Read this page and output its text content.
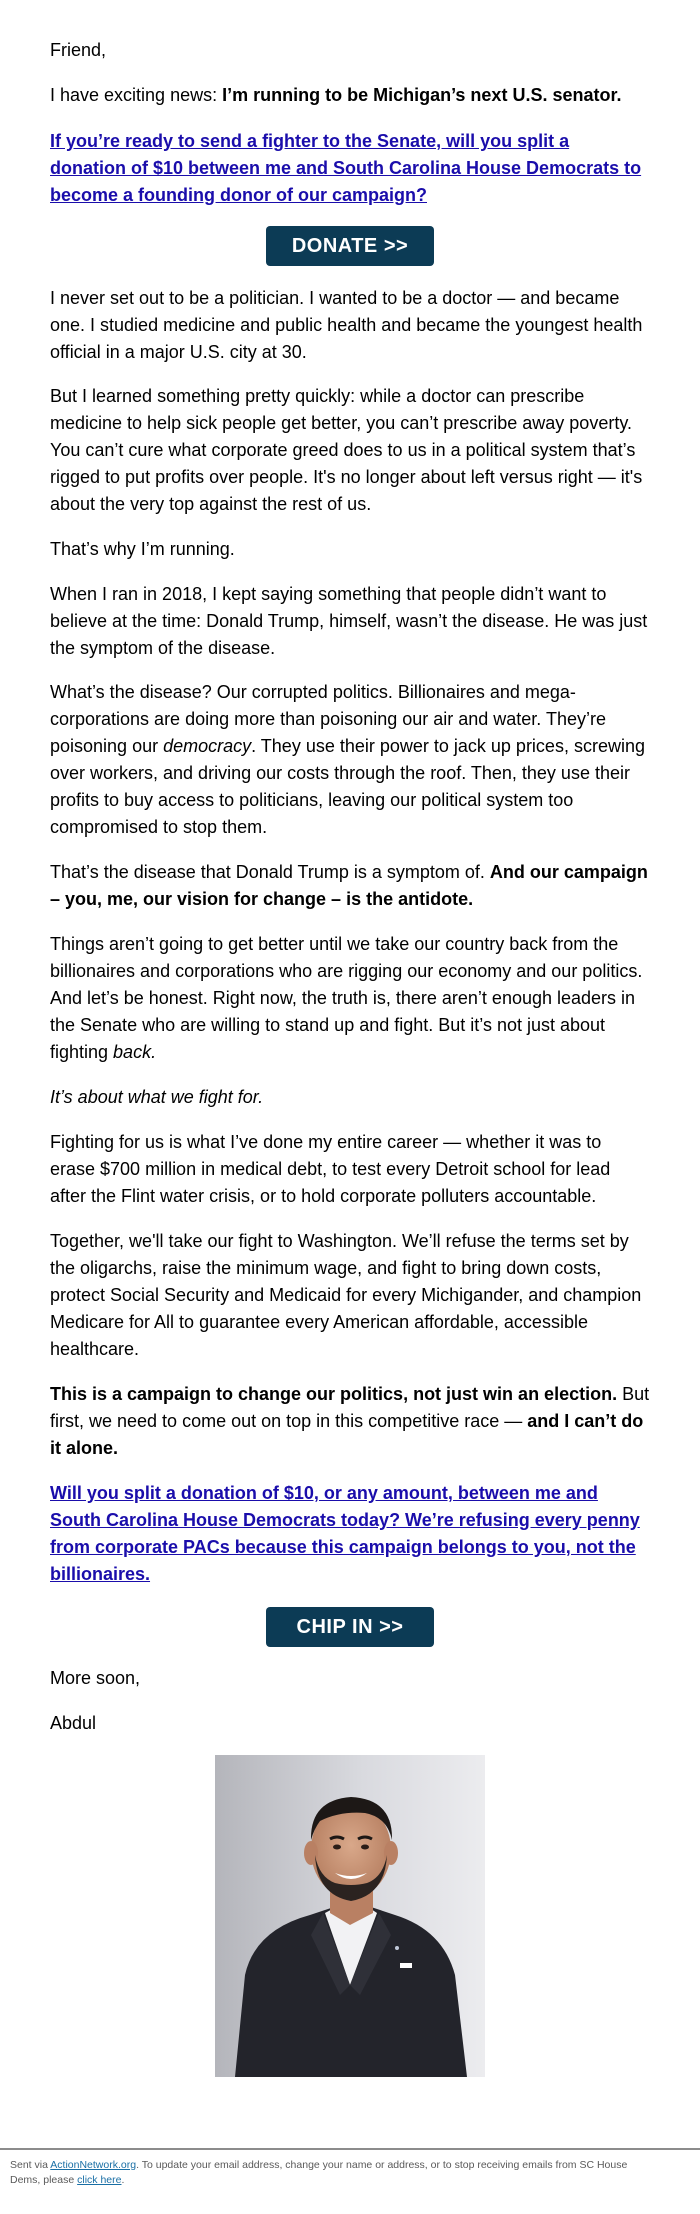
Friend,

I have exciting news: I’m running to be Michigan’s next U.S. senator.

If you’re ready to send a fighter to the Senate, will you split a donation of $10 between me and South Carolina House Democrats to become a founding donor of our campaign?

DONATE >>

I never set out to be a politician. I wanted to be a doctor — and became one. I studied medicine and public health and became the youngest health official in a major U.S. city at 30.

But I learned something pretty quickly: while a doctor can prescribe medicine to help sick people get better, you can’t prescribe away poverty. You can’t cure what corporate greed does to us in a political system that’s rigged to put profits over people. It's no longer about left versus right — it's about the very top against the rest of us.

That’s why I’m running.

When I ran in 2018, I kept saying something that people didn’t want to believe at the time: Donald Trump, himself, wasn’t the disease. He was just the symptom of the disease.

What’s the disease? Our corrupted politics. Billionaires and mega-corporations are doing more than poisoning our air and water. They’re poisoning our democracy. They use their power to jack up prices, screwing over workers, and driving our costs through the roof. Then, they use their profits to buy access to politicians, leaving our political system too compromised to stop them.

That’s the disease that Donald Trump is a symptom of. And our campaign – you, me, our vision for change – is the antidote.

Things aren’t going to get better until we take our country back from the billionaires and corporations who are rigging our economy and our politics. And let’s be honest. Right now, the truth is, there aren’t enough leaders in the Senate who are willing to stand up and fight. But it’s not just about fighting back.

It’s about what we fight for.

Fighting for us is what I’ve done my entire career — whether it was to erase $700 million in medical debt, to test every Detroit school for lead after the Flint water crisis, or to hold corporate polluters accountable.

Together, we'll take our fight to Washington. We’ll refuse the terms set by the oligarchs, raise the minimum wage, and fight to bring down costs, protect Social Security and Medicaid for every Michigander, and champion Medicare for All to guarantee every American affordable, accessible healthcare.

This is a campaign to change our politics, not just win an election. But first, we need to come out on top in this competitive race — and I can’t do it alone.

Will you split a donation of $10, or any amount, between me and South Carolina House Democrats today? We’re refusing every penny from corporate PACs because this campaign belongs to you, not the billionaires.

CHIP IN >>

More soon,

Abdul

Sent via ActionNetwork.org. To update your email address, change your name or address, or to stop receiving emails from SC House Dems, please click here.
